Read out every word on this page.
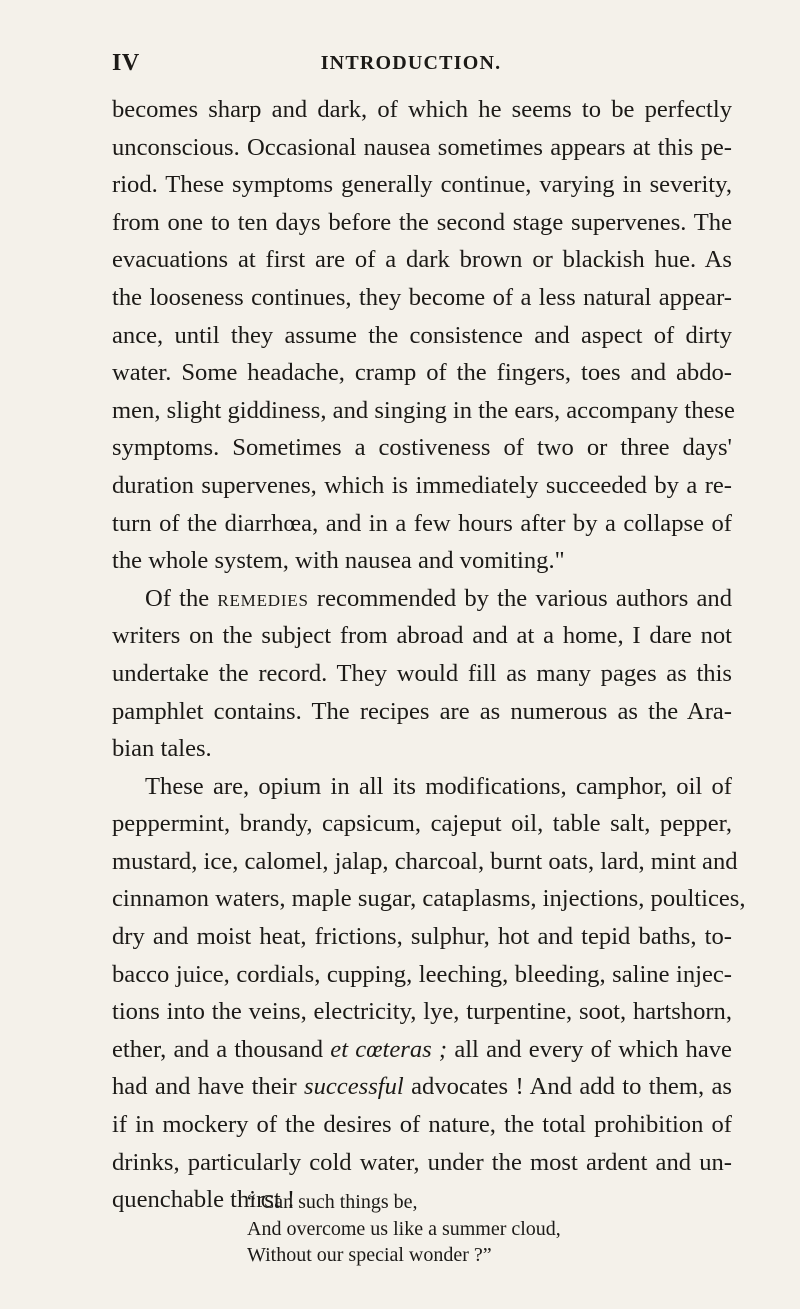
IV	INTRODUCTION.
becomes sharp and dark, of which he seems to be perfectly
unconscious. Occasional nausea sometimes appears at this pe-
riod. These symptoms generally continue, varying in severity,
from one to ten days before the second stage supervenes. The
evacuations at first are of a dark brown or blackish hue. As
the looseness continues, they become of a less natural appear-
ance, until they assume the consistence and aspect of dirty
water. Some headache, cramp of the fingers, toes and abdo-
men, slight giddiness, and singing in the ears, accompany these
symptoms. Sometimes a costiveness of two or three days'
duration supervenes, which is immediately succeeded by a re-
turn of the diarrhœa, and in a few hours after by a collapse of
the whole system, with nausea and vomiting."
Of the remedies recommended by the various authors and
writers on the subject from abroad and at a home, I dare not
undertake the record. They would fill as many pages as this
pamphlet contains. The recipes are as numerous as the Ara-
bian tales.
These are, opium in all its modifications, camphor, oil of
peppermint, brandy, capsicum, cajeput oil, table salt, pepper,
mustard, ice, calomel, jalap, charcoal, burnt oats, lard, mint and
cinnamon waters, maple sugar, cataplasms, injections, poultices,
dry and moist heat, frictions, sulphur, hot and tepid baths, to-
bacco juice, cordials, cupping, leeching, bleeding, saline injec-
tions into the veins, electricity, lye, turpentine, soot, hartshorn,
ether, and a thousand et cœteras ; all and every of which have
had and have their successful advocates ! And add to them, as
if in mockery of the desires of nature, the total prohibition of
drinks, particularly cold water, under the most ardent and un-
quenchable thirst !
“ Can such things be,
And overcome us like a summer cloud,
Without our special wonder ?”
